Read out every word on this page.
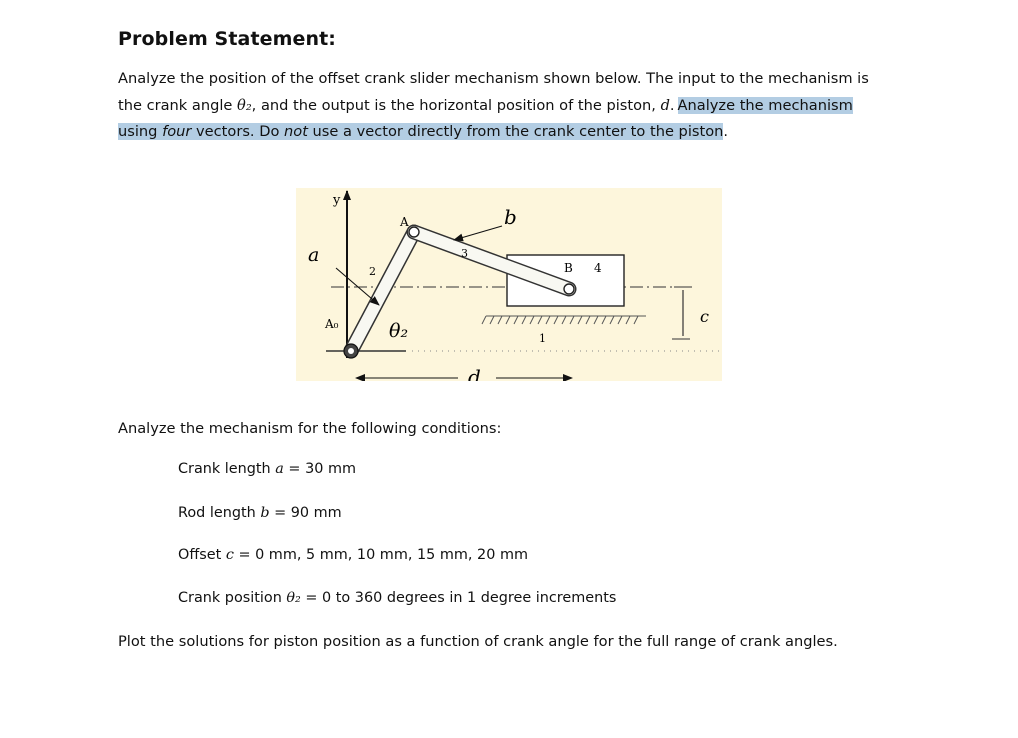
Problem Statement:
Analyze the position of the offset crank slider mechanism shown below. The input to the mechanism is
the crank angle θ₂, and the output is the horizontal position of the piston, d. Analyze the mechanism
using four vectors. Do not use a vector directly from the crank center to the piston.
y
a
A
A₀
2
3
B 4
1
b
c
d
θ₂
Analyze the mechanism for the following conditions:
Crank length a = 30 mm
Rod length b = 90 mm
Offset c = 0 mm, 5 mm, 10 mm, 15 mm, 20 mm
Crank position θ₂ = 0 to 360 degrees in 1 degree increments
Plot the solutions for piston position as a function of crank angle for the full range of crank angles.
